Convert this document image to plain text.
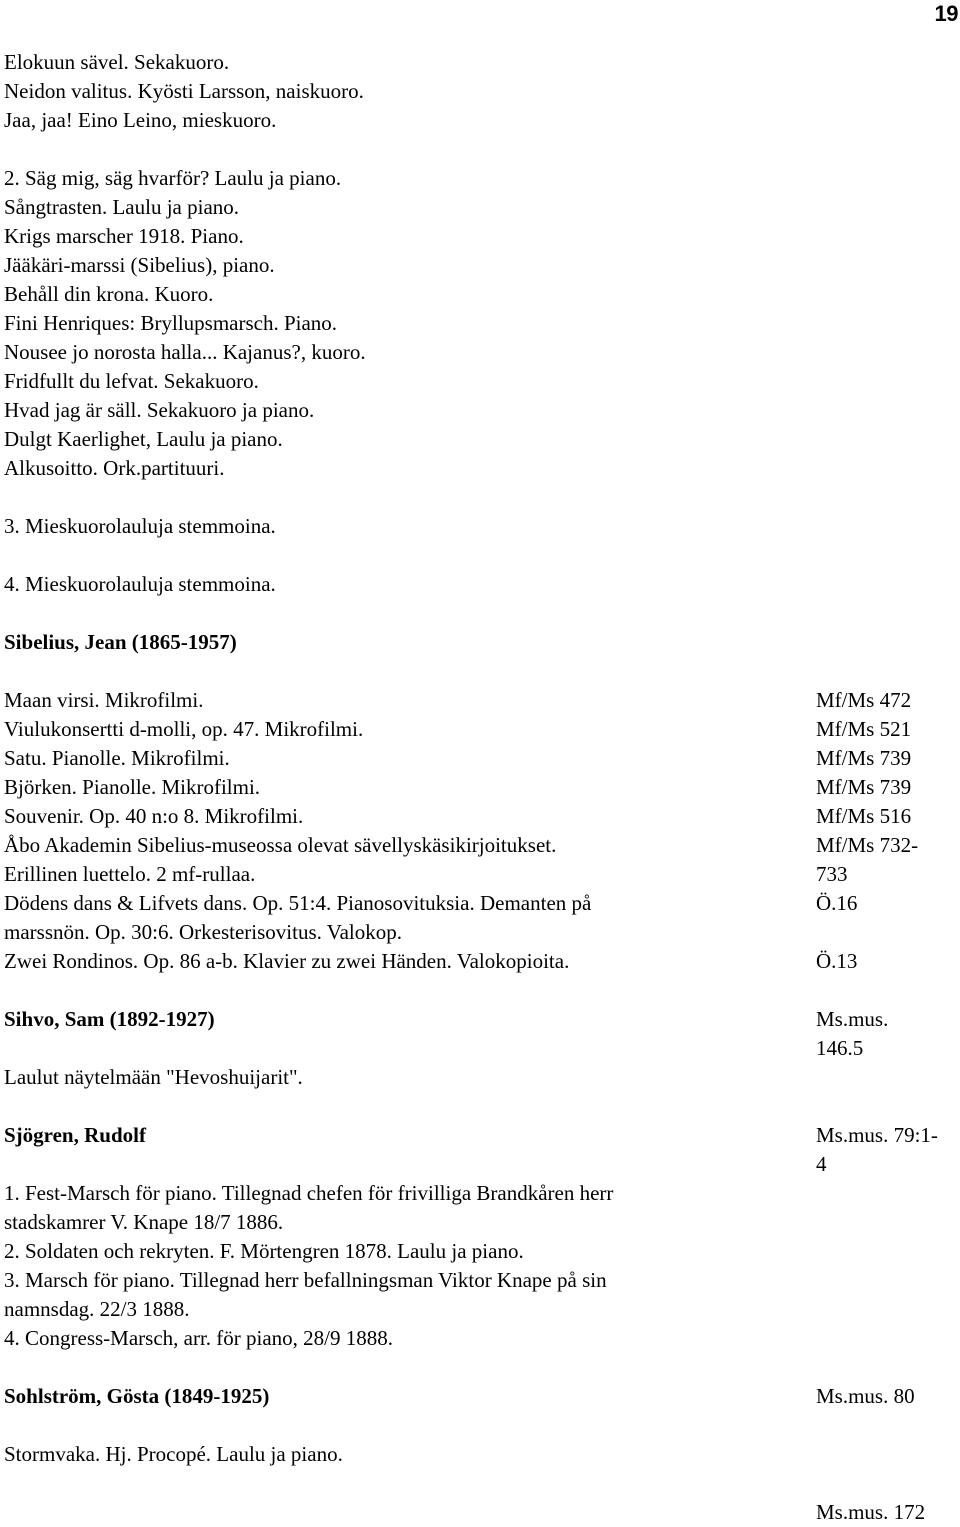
19
Elokuun sävel. Sekakuoro.
Neidon valitus. Kyösti Larsson, naiskuoro.
Jaa, jaa! Eino Leino, mieskuoro.
2. Säg mig, säg hvarför? Laulu ja piano.
Sångtrasten. Laulu ja piano.
Krigs marscher 1918. Piano.
Jääkäri-marssi (Sibelius), piano.
Behåll din krona. Kuoro.
Fini Henriques: Bryllupsmarsch. Piano.
Nousee jo norosta halla... Kajanus?, kuoro.
Fridfullt du lefvat. Sekakuoro.
Hvad jag är säll. Sekakuoro ja piano.
Dulgt Kaerlighet, Laulu ja piano.
Alkusoitto. Ork.partituuri.
3. Mieskuorolauluja stemmoina.
4. Mieskuorolauluja stemmoina.
Sibelius, Jean (1865-1957)
Maan virsi. Mikrofilmi.	Mf/Ms 472
Viulukonsertti d-molli, op. 47. Mikrofilmi.	Mf/Ms 521
Satu. Pianolle. Mikrofilmi.	Mf/Ms 739
Björken. Pianolle. Mikrofilmi.	Mf/Ms 739
Souvenir. Op. 40 n:o 8. Mikrofilmi.	Mf/Ms 516
Åbo Akademin Sibelius-museossa olevat sävellyskäsikirjoitukset.	Mf/Ms 732-
Erillinen luettelo. 2 mf-rullaa.	733
Dödens dans & Lifvets dans. Op. 51:4. Pianosovituksia. Demanten på	Ö.16
marssnön. Op. 30:6. Orkesterisovitus. Valokop.
Zwei Rondinos. Op. 86 a-b. Klavier zu zwei Händen. Valokopioita.	Ö.13
Sihvo, Sam (1892-1927)	Ms.mus.
146.5
Laulut näytelmään "Hevoshuijarit".
Sjögren, Rudolf	Ms.mus. 79:1-
4
1. Fest-Marsch för piano. Tillegnad chefen för frivilliga Brandkåren herr
stadskamrer V. Knape 18/7 1886.
2. Soldaten och rekryten. F. Mörtengren 1878. Laulu ja piano.
3. Marsch för piano. Tillegnad herr befallningsman Viktor Knape på sin
namnsdag. 22/3 1888.
4. Congress-Marsch, arr. för piano, 28/9 1888.
Sohlström, Gösta (1849-1925)	Ms.mus. 80
Stormvaka. Hj. Procopé. Laulu ja piano.
Ms.mus. 172
